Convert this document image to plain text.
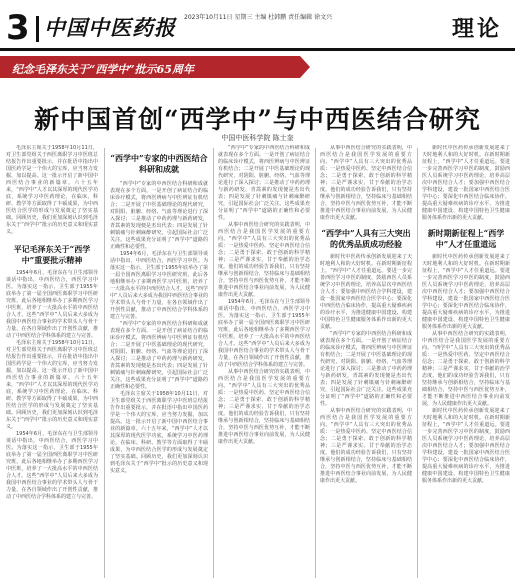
3 中国中医药报 2023年10月11日 星期三 主编 杜韩鹏 责任编辑 徐文兴	理论
纪念毛泽东关于“西学中”批示65周年
新中国首创“西学中”与中西医结合研究
中国中医科学院 陈士奎

毛泽东主席关于1958年10月11日，对卫生部党组关于西医离职学习中医班总结报告作出重要批示，并在批语中指出中国医药学是一个伟大的宝库，应当努力发掘，加以提高。这一批示开启了新中国中西医结合事业的新篇章。六十五年来，“西学中”人才以其深厚的现代医学功底，系统学习中医药理论，在临床、科研、教学等方面取得了丰硕成果，为中西医结合医学的形成与发展奠定了坚实基础。回顾历史，我们更加深刻认识到毛泽东关于“西学中”批示的历史意义和现实意义。

平记毛泽东关于“西学中”重要批示精神

1954年6月，毛泽东在与卫生部领导谈话中指出，中西医结合，西医学习中医。为落实这一指示，卫生部于1955年底举办了第一届全国西医离职学习中医研究班，此后各地相继举办了多期西医学习中医班，培养了一大批高水平的中西医结合人才。这些“西学中”人员后来大多成为我国中西医结合事业的学术带头人与骨干力量，在各自领域作出了开创性贡献，推动了中西医结合学科体系的建立与完善。

毛泽东主席关于1958年10月11日，对卫生部党组关于西医离职学习中医班总结报告作出重要批示，并在批语中指出中国医药学是一个伟大的宝库，应当努力发掘，加以提高。这一批示开启了新中国中西医结合事业的新篇章。六十五年来，“西学中”人才以其深厚的现代医学功底，系统学习中医药理论，在临床、科研、教学等方面取得了丰硕成果，为中西医结合医学的形成与发展奠定了坚实基础。回顾历史，我们更加深刻认识到毛泽东关于“西学中”批示的历史意义和现实意义。

1954年6月，毛泽东在与卫生部领导谈话中指出，中西医结合，西医学习中医。为落实这一指示，卫生部于1955年底举办了第一届全国西医离职学习中医研究班，此后各地相继举办了多期西医学习中医班，培养了一大批高水平的中西医结合人才。这些“西学中”人员后来大多成为我国中西医结合事业的学术带头人与骨干力量，在各自领域作出了开创性贡献，推动了中西医结合学科体系的建立与完善。

“西学中”专家的中西医结合科研和成就

“西学中”专家的中西医结合科研和成就表现在多个方面。一是开创了病证结合的临床诊疗模式，将西医辨病与中医辨证有机结合；二是开展了中医基础理论的现代研究，对阴阳、脏腑、经络、气血等理论进行了深入探讨；三是推动了中药药理与新药研发，青蒿素的发现便是杰出代表；四是发展了针刺镇痛与针刺麻醉研究，引起国际社会广泛关注。这些成果充分证明了“西学中”道路的正确性和必要性。

1954年6月，毛泽东在与卫生部领导谈话中指出，中西医结合，西医学习中医。为落实这一指示，卫生部于1955年底举办了第一届全国西医离职学习中医研究班，此后各地相继举办了多期西医学习中医班，培养了一大批高水平的中西医结合人才。这些“西学中”人员后来大多成为我国中西医结合事业的学术带头人与骨干力量，在各自领域作出了开创性贡献，推动了中西医结合学科体系的建立与完善。

“西学中”专家的中西医结合科研和成就表现在多个方面。一是开创了病证结合的临床诊疗模式，将西医辨病与中医辨证有机结合；二是开展了中医基础理论的现代研究，对阴阳、脏腑、经络、气血等理论进行了深入探讨；三是推动了中药药理与新药研发，青蒿素的发现便是杰出代表；四是发展了针刺镇痛与针刺麻醉研究，引起国际社会广泛关注。这些成果充分证明了“西学中”道路的正确性和必要性。

毛泽东主席关于1958年10月11日，对卫生部党组关于西医离职学习中医班总结报告作出重要批示，并在批语中指出中国医药学是一个伟大的宝库，应当努力发掘，加以提高。这一批示开启了新中国中西医结合事业的新篇章。六十五年来，“西学中”人才以其深厚的现代医学功底，系统学习中医药理论，在临床、科研、教学等方面取得了丰硕成果，为中西医结合医学的形成与发展奠定了坚实基础。回顾历史，我们更加深刻认识到毛泽东关于“西学中”批示的历史意义和现实意义。

“西学中”专家的中西医结合科研和成就表现在多个方面。一是开创了病证结合的临床诊疗模式，将西医辨病与中医辨证有机结合；二是开展了中医基础理论的现代研究，对阴阳、脏腑、经络、气血等理论进行了深入探讨；三是推动了中药药理与新药研发，青蒿素的发现便是杰出代表；四是发展了针刺镇痛与针刺麻醉研究，引起国际社会广泛关注。这些成果充分证明了“西学中”道路的正确性和必要性。

从事中西医结合研究的实践表明，中西医结合是我国医学发展的重要方向。“西学中”人具有三大突出的优秀品质：一是热爱中医药、坚定中西医结合信念；二是勇于探索、敢于创新的科学精神；三是严谨求实、甘于奉献的治学态度。他们的成功经验告诉我们，只有坚持继承与创新相结合，坚持临床与基础相结合，坚持中医与西医优势互补，才能不断推进中西医结合事业向前发展，为人民健康作出更大贡献。

1954年6月，毛泽东在与卫生部领导谈话中指出，中西医结合，西医学习中医。为落实这一指示，卫生部于1955年底举办了第一届全国西医离职学习中医研究班，此后各地相继举办了多期西医学习中医班，培养了一大批高水平的中西医结合人才。这些“西学中”人员后来大多成为我国中西医结合事业的学术带头人与骨干力量，在各自领域作出了开创性贡献，推动了中西医结合学科体系的建立与完善。

从事中西医结合研究的实践表明，中西医结合是我国医学发展的重要方向。“西学中”人具有三大突出的优秀品质：一是热爱中医药、坚定中西医结合信念；二是勇于探索、敢于创新的科学精神；三是严谨求实、甘于奉献的治学态度。他们的成功经验告诉我们，只有坚持继承与创新相结合，坚持临床与基础相结合，坚持中医与西医优势互补，才能不断推进中西医结合事业向前发展，为人民健康作出更大贡献。

从事中西医结合研究的实践表明，中西医结合是我国医学发展的重要方向。“西学中”人具有三大突出的优秀品质：一是热爱中医药、坚定中西医结合信念；二是勇于探索、敢于创新的科学精神；三是严谨求实、甘于奉献的治学态度。他们的成功经验告诉我们，只有坚持继承与创新相结合，坚持临床与基础相结合，坚持中医与西医优势互补，才能不断推进中西医结合事业向前发展，为人民健康作出更大贡献。

“西学中”人具有三大突出的优秀品质成功经验

新时代中医药传承创新发展迎来了天时地利人和的大好时机。在新时期新征程上，“西学中”人才任重道远。要进一步完善西医学习中医的制度，鼓励西医人员系统学习中医药理论，培养高层次中西医结合人才；要加强中西医结合学科建设，建设一批国家中西医结合医学中心；要深化中西医结合临床协作，提高重大疑难疾病的诊疗水平，为推进健康中国建设、构建中国特色卫生健康服务体系作出新的更大贡献。

“西学中”专家的中西医结合科研和成就表现在多个方面。一是开创了病证结合的临床诊疗模式，将西医辨病与中医辨证有机结合；二是开展了中医基础理论的现代研究，对阴阳、脏腑、经络、气血等理论进行了深入探讨；三是推动了中药药理与新药研发，青蒿素的发现便是杰出代表；四是发展了针刺镇痛与针刺麻醉研究，引起国际社会广泛关注。这些成果充分证明了“西学中”道路的正确性和必要性。

从事中西医结合研究的实践表明，中西医结合是我国医学发展的重要方向。“西学中”人具有三大突出的优秀品质：一是热爱中医药、坚定中西医结合信念；二是勇于探索、敢于创新的科学精神；三是严谨求实、甘于奉献的治学态度。他们的成功经验告诉我们，只有坚持继承与创新相结合，坚持临床与基础相结合，坚持中医与西医优势互补，才能不断推进中西医结合事业向前发展，为人民健康作出更大贡献。

新时代中医药传承创新发展迎来了天时地利人和的大好时机。在新时期新征程上，“西学中”人才任重道远。要进一步完善西医学习中医的制度，鼓励西医人员系统学习中医药理论，培养高层次中西医结合人才；要加强中西医结合学科建设，建设一批国家中西医结合医学中心；要深化中西医结合临床协作，提高重大疑难疾病的诊疗水平，为推进健康中国建设、构建中国特色卫生健康服务体系作出新的更大贡献。

新时期新征程上“西学中”人才任重道远

新时代中医药传承创新发展迎来了天时地利人和的大好时机。在新时期新征程上，“西学中”人才任重道远。要进一步完善西医学习中医的制度，鼓励西医人员系统学习中医药理论，培养高层次中西医结合人才；要加强中西医结合学科建设，建设一批国家中西医结合医学中心；要深化中西医结合临床协作，提高重大疑难疾病的诊疗水平，为推进健康中国建设、构建中国特色卫生健康服务体系作出新的更大贡献。

从事中西医结合研究的实践表明，中西医结合是我国医学发展的重要方向。“西学中”人具有三大突出的优秀品质：一是热爱中医药、坚定中西医结合信念；二是勇于探索、敢于创新的科学精神；三是严谨求实、甘于奉献的治学态度。他们的成功经验告诉我们，只有坚持继承与创新相结合，坚持临床与基础相结合，坚持中医与西医优势互补，才能不断推进中西医结合事业向前发展，为人民健康作出更大贡献。

新时代中医药传承创新发展迎来了天时地利人和的大好时机。在新时期新征程上，“西学中”人才任重道远。要进一步完善西医学习中医的制度，鼓励西医人员系统学习中医药理论，培养高层次中西医结合人才；要加强中西医结合学科建设，建设一批国家中西医结合医学中心；要深化中西医结合临床协作，提高重大疑难疾病的诊疗水平，为推进健康中国建设、构建中国特色卫生健康服务体系作出新的更大贡献。
